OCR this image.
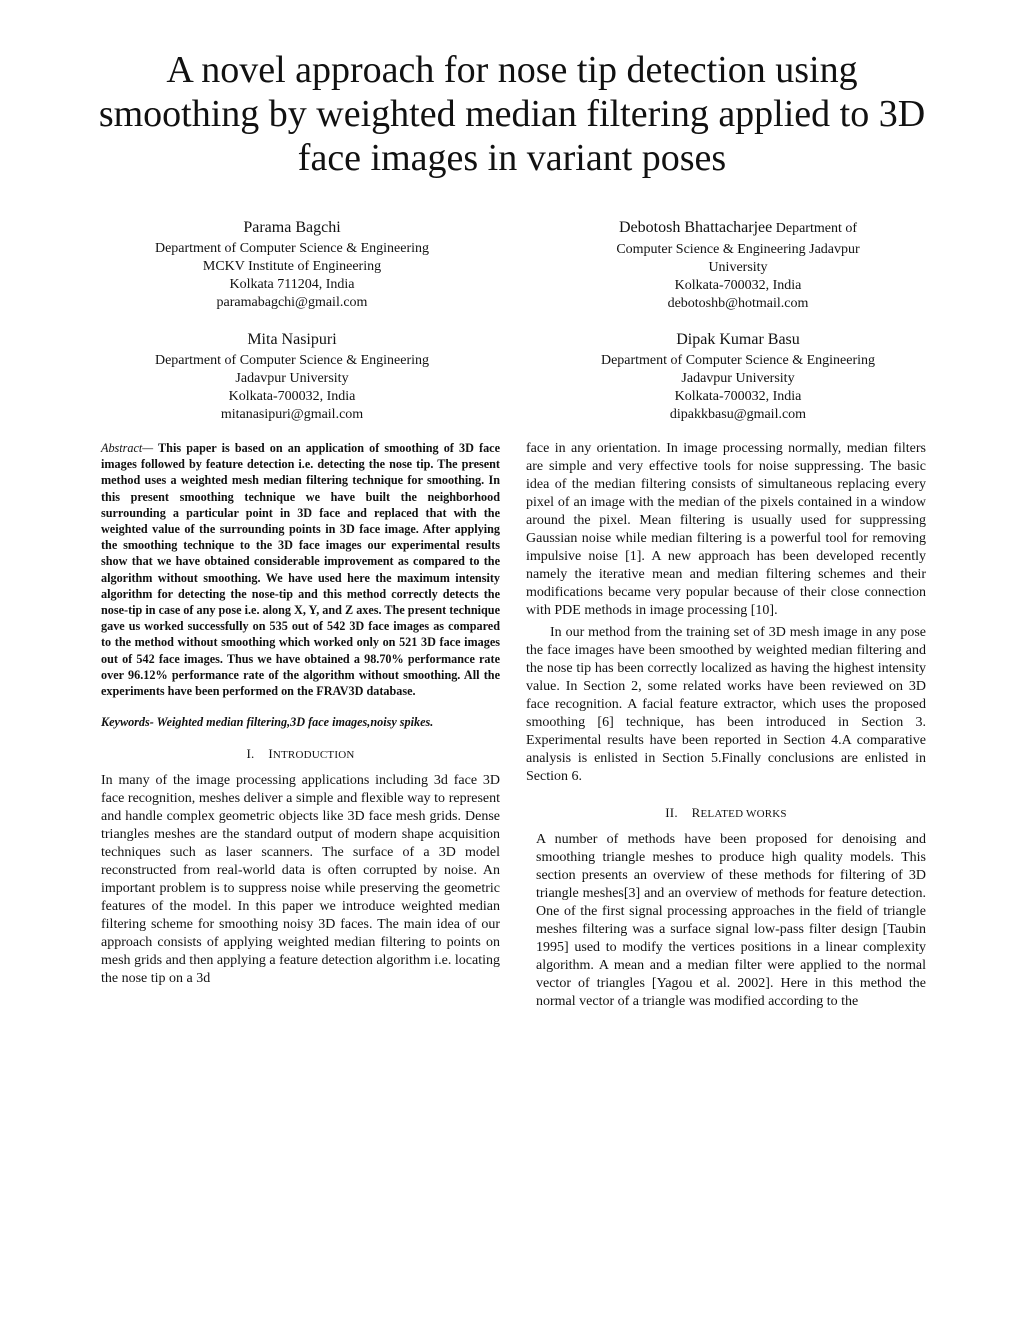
A novel approach for nose tip detection using
smoothing by weighted median filtering applied to 3D
face images in variant poses
Parama Bagchi
Department of Computer Science & Engineering
MCKV Institute of Engineering
Kolkata 711204, India
paramabagchi@gmail.com
Debotosh Bhattacharjee Department of
Computer Science & Engineering Jadavpur
University
Kolkata-700032, India
debotoshb@hotmail.com
Mita Nasipuri
Department of Computer Science & Engineering
Jadavpur University
Kolkata-700032, India
mitanasipuri@gmail.com
Dipak Kumar Basu
Department of Computer Science & Engineering
Jadavpur University
Kolkata-700032, India
dipakkbasu@gmail.com

Abstract— This paper is based on an application of smoothing of 3D face images followed by feature detection i.e. detecting the nose tip. The present method uses a weighted mesh median filtering technique for smoothing. In this present smoothing technique we have built the neighborhood surrounding a particular point in 3D face and replaced that with the weighted value of the surrounding points in 3D face image. After applying the smoothing technique to the 3D face images our experimental results show that we have obtained considerable improvement as compared to the algorithm without smoothing. We have used here the maximum intensity algorithm for detecting the nose-tip and this method correctly detects the nose-tip in case of any pose i.e. along X, Y, and Z axes. The present technique gave us worked successfully on 535 out of 542 3D face images as compared to the method without smoothing which worked only on 521 3D face images out of 542 face images. Thus we have obtained a 98.70% performance rate over 96.12% performance rate of the algorithm without smoothing. All the experiments have been performed on the FRAV3D database.

Keywords- Weighted median filtering,3D face images,noisy spikes.

I. INTRODUCTION

In many of the image processing applications including 3d face 3D face recognition, meshes deliver a simple and flexible way to represent and handle complex geometric objects like 3D face mesh grids. Dense triangles meshes are the standard output of modern shape acquisition techniques such as laser scanners. The surface of a 3D model reconstructed from real-world data is often corrupted by noise. An important problem is to suppress noise while preserving the geometric features of the model. In this paper we introduce weighted median filtering scheme for smoothing noisy 3D faces. The main idea of our approach consists of applying weighted median filtering to points on mesh grids and then applying a feature detection algorithm i.e. locating the nose tip on a 3d

face in any orientation. In image processing normally, median filters are simple and very effective tools for noise suppressing. The basic idea of the median filtering consists of simultaneous replacing every pixel of an image with the median of the pixels contained in a window around the pixel. Mean filtering is usually used for suppressing Gaussian noise while median filtering is a powerful tool for removing impulsive noise [1]. A new approach has been developed recently namely the iterative mean and median filtering schemes and their modifications became very popular because of their close connection with PDE methods in image processing [10].

In our method from the training set of 3D mesh image in any pose the face images have been smoothed by weighted median filtering and the nose tip has been correctly localized as having the highest intensity value. In Section 2, some related works have been reviewed on 3D face recognition. A facial feature extractor, which uses the proposed smoothing [6] technique, has been introduced in Section 3. Experimental results have been reported in Section 4.A comparative analysis is enlisted in Section 5.Finally conclusions are enlisted in Section 6.

II. RELATED WORKS

A number of methods have been proposed for denoising and smoothing triangle meshes to produce high quality models. This section presents an overview of these methods for filtering of 3D triangle meshes[3] and an overview of methods for feature detection. One of the first signal processing approaches in the field of triangle meshes filtering was a surface signal low-pass filter design [Taubin 1995] used to modify the vertices positions in a linear complexity algorithm. A mean and a median filter were applied to the normal vector of triangles [Yagou et al. 2002]. Here in this method the normal vector of a triangle was modified according to the
